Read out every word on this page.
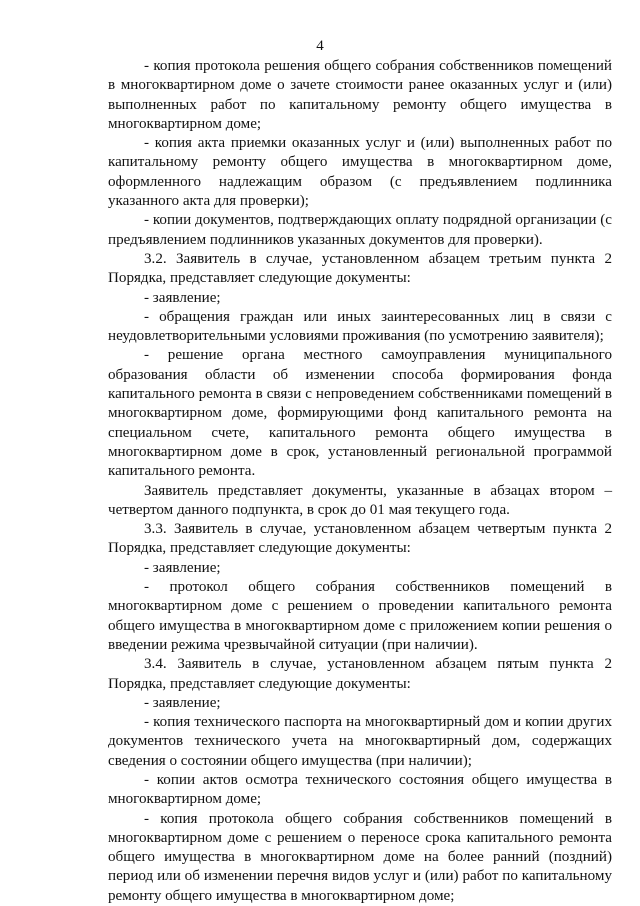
4

- копия протокола решения общего собрания собственников помещений в многоквартирном доме о зачете стоимости ранее оказанных услуг и (или) выполненных работ по капитальному ремонту общего имущества в многоквартирном доме;

- копия акта приемки оказанных услуг и (или) выполненных работ по капитальному ремонту общего имущества в многоквартирном доме, оформленного надлежащим образом (с предъявлением подлинника указанного акта для проверки);

- копии документов, подтверждающих оплату подрядной организации (с предъявлением подлинников указанных документов для проверки).

3.2. Заявитель в случае, установленном абзацем третьим пункта 2 Порядка, представляет следующие документы:

- заявление;

- обращения граждан или иных заинтересованных лиц в связи с неудовлетворительными условиями проживания (по усмотрению заявителя);

- решение органа местного самоуправления муниципального образования области об изменении способа формирования фонда капитального ремонта в связи с непроведением собственниками помещений в многоквартирном доме, формирующими фонд капитального ремонта на специальном счете, капитального ремонта общего имущества в многоквартирном доме в срок, установленный региональной программой капитального ремонта.

Заявитель представляет документы, указанные в абзацах втором – четвертом данного подпункта, в срок до 01 мая текущего года.

3.3. Заявитель в случае, установленном абзацем четвертым пункта 2 Порядка, представляет следующие документы:

- заявление;

- протокол общего собрания собственников помещений в многоквартирном доме с решением о проведении капитального ремонта общего имущества в многоквартирном доме с приложением копии решения о введении режима чрезвычайной ситуации (при наличии).

3.4. Заявитель в случае, установленном абзацем пятым пункта 2 Порядка, представляет следующие документы:

- заявление;

- копия технического паспорта на многоквартирный дом и копии других документов технического учета на многоквартирный дом, содержащих сведения о состоянии общего имущества (при наличии);

- копии актов осмотра технического состояния общего имущества в многоквартирном доме;

- копия протокола общего собрания собственников помещений в многоквартирном доме с решением о переносе срока капитального ремонта общего имущества в многоквартирном доме на более ранний (поздний) период или об изменении перечня видов услуг и (или) работ по капитальному ремонту общего имущества в многоквартирном доме;
